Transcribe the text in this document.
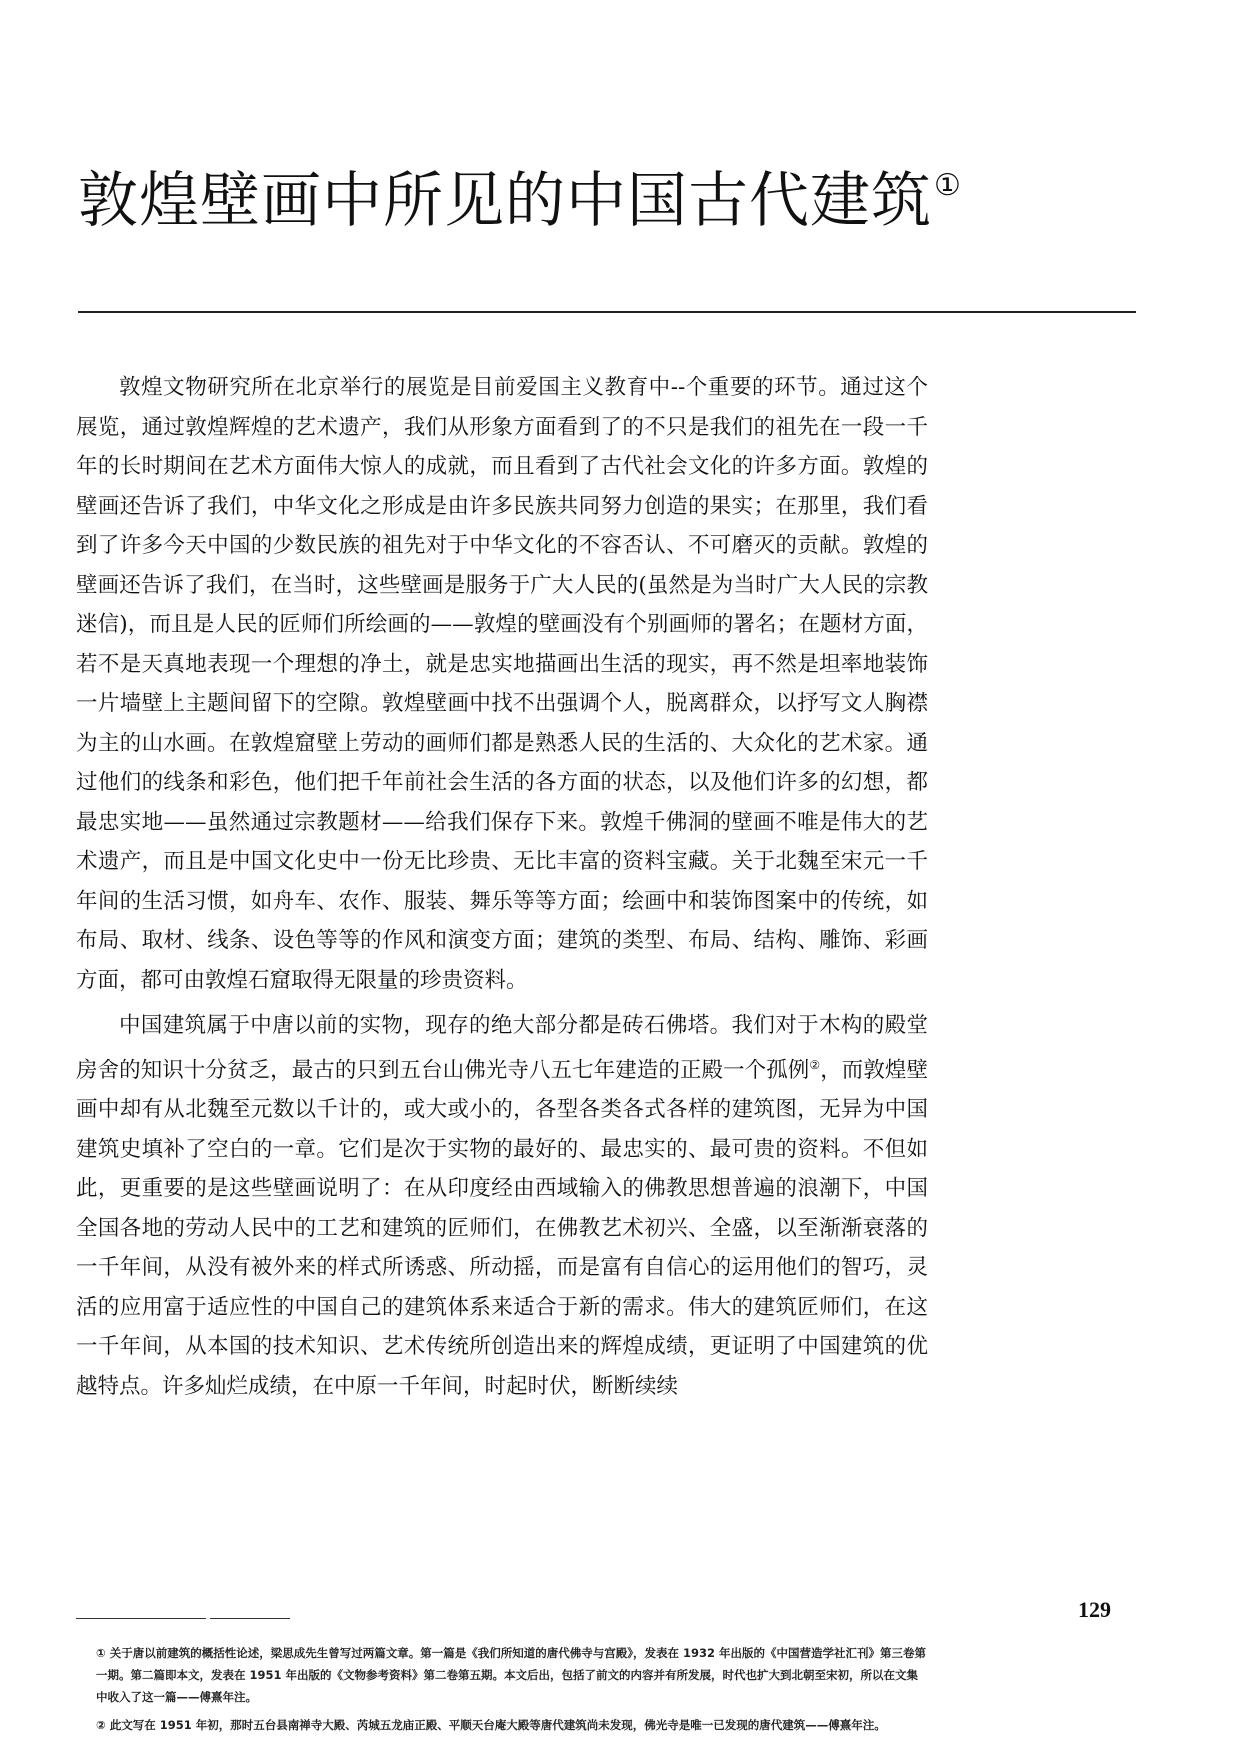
敦煌壁画中所见的中国古代建筑①

敦煌文物研究所在北京举行的展览是目前爱国主义教育中--个重要的环节。通过这个展览，通过敦煌辉煌的艺术遗产，我们从形象方面看到了的不只是我们的祖先在一段一千年的长时期间在艺术方面伟大惊人的成就，而且看到了古代社会文化的许多方面。敦煌的壁画还告诉了我们，中华文化之形成是由许多民族共同努力创造的果实；在那里，我们看到了许多今天中国的少数民族的祖先对于中华文化的不容否认、不可磨灭的贡献。敦煌的壁画还告诉了我们，在当时，这些壁画是服务于广大人民的(虽然是为当时广大人民的宗教迷信)，而且是人民的匠师们所绘画的——敦煌的壁画没有个别画师的署名；在题材方面，若不是天真地表现一个理想的净土，就是忠实地描画出生活的现实，再不然是坦率地装饰一片墙壁上主题间留下的空隙。敦煌壁画中找不出强调个人，脱离群众，以抒写文人胸襟为主的山水画。在敦煌窟壁上劳动的画师们都是熟悉人民的生活的、大众化的艺术家。通过他们的线条和彩色，他们把千年前社会生活的各方面的状态，以及他们许多的幻想，都最忠实地——虽然通过宗教题材——给我们保存下来。敦煌千佛洞的壁画不唯是伟大的艺术遗产，而且是中国文化史中一份无比珍贵、无比丰富的资料宝藏。关于北魏至宋元一千年间的生活习惯，如舟车、农作、服装、舞乐等等方面；绘画中和装饰图案中的传统，如布局、取材、线条、设色等等的作风和演变方面；建筑的类型、布局、结构、雕饰、彩画方面，都可由敦煌石窟取得无限量的珍贵资料。

中国建筑属于中唐以前的实物，现存的绝大部分都是砖石佛塔。我们对于木构的殿堂房舍的知识十分贫乏，最古的只到五台山佛光寺八五七年建造的正殿一个孤例②，而敦煌壁画中却有从北魏至元数以千计的，或大或小的，各型各类各式各样的建筑图，无异为中国建筑史填补了空白的一章。它们是次于实物的最好的、最忠实的、最可贵的资料。不但如此，更重要的是这些壁画说明了：在从印度经由西域输入的佛教思想普遍的浪潮下，中国全国各地的劳动人民中的工艺和建筑的匠师们，在佛教艺术初兴、全盛，以至渐渐衰落的一千年间，从没有被外来的样式所诱惑、所动摇，而是富有自信心的运用他们的智巧，灵活的应用富于适应性的中国自己的建筑体系来适合于新的需求。伟大的建筑匠师们，在这一千年间，从本国的技术知识、艺术传统所创造出来的辉煌成绩，更证明了中国建筑的优越特点。许多灿烂成绩，在中原一千年间，时起时伏，断断续续

① 关于唐以前建筑的概括性论述，梁思成先生曾写过两篇文章。第一篇是《我们所知道的唐代佛寺与宫殿》，发表在 1932 年出版的《中国营造学社汇刊》第三卷第一期。第二篇即本文，发表在 1951 年出版的《文物参考资料》第二卷第五期。本文后出，包括了前文的内容并有所发展，时代也扩大到北朝至宋初，所以在文集中收入了这一篇——傅熹年注。

② 此文写在 1951 年初，那时五台县南禅寺大殿、芮城五龙庙正殿、平顺天台庵大殿等唐代建筑尚未发现，佛光寺是唯一已发现的唐代建筑——傅熹年注。

129
